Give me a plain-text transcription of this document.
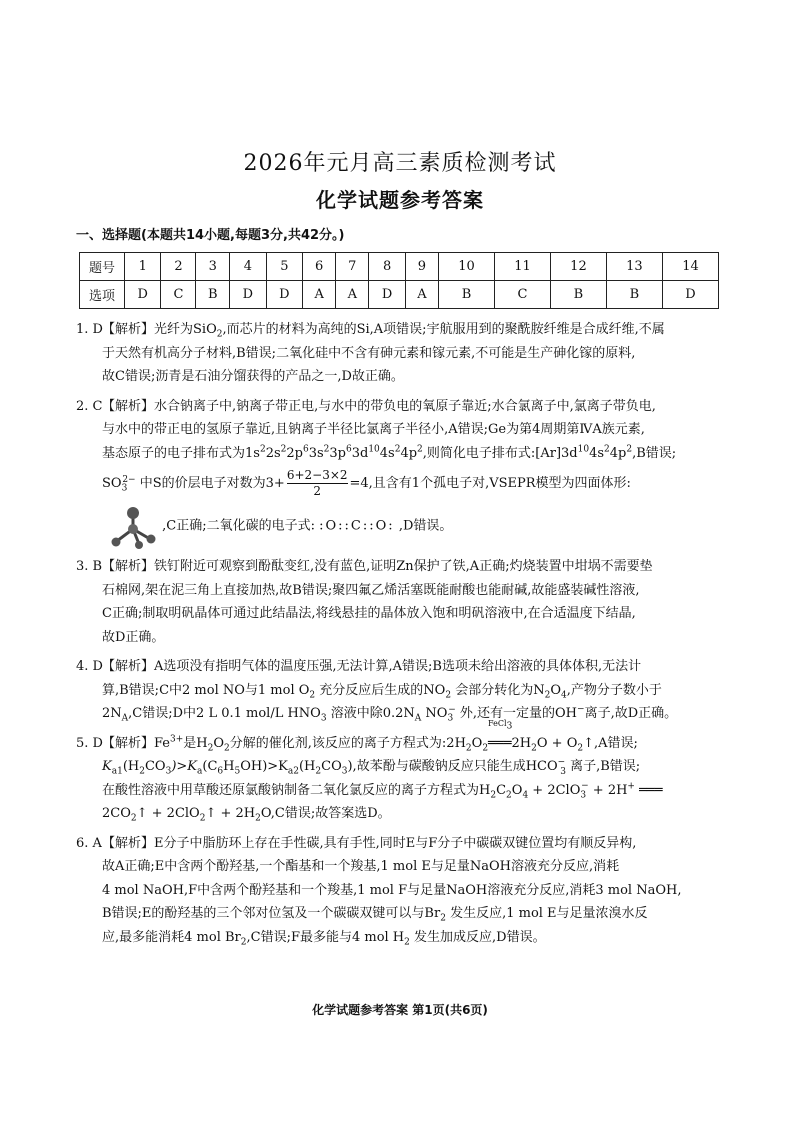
2026年元月高三素质检测考试
化学试题参考答案
一、选择题(本题共14小题,每题3分,共42分。)
题号	1	2	3	4	5	6	7	8	9	10	11	12	13	14
选项	D	C	B	D	D	A	A	D	A	B	C	B	B	D
1. D 【解析】光纤为SiO$_2$,而芯片的材料为高纯的Si,A项错误;宇航服用到的聚酰胺纤维是合成纤维,不属
于天然有机高分子材料,B错误;二氧化硅中不含有砷元素和镓元素,不可能是生产砷化镓的原料,
故C错误;沥青是石油分馏获得的产品之一,D故正确。
2. C 【解析】水合钠离子中,钠离子带正电,与水中的带负电的氧原子靠近;水合氯离子中,氯离子带负电,
与水中的带正电的氢原子靠近,且钠离子半径比氯离子半径小,A错误;Ge为第4周期第ⅣA族元素,
基态原子的电子排布式为$1s^22s^22p^63s^23p^63d^{10}4s^24p^2$,则简化电子排布式$:[Ar]3d^{10}4s^24p^2,B$错误;
$SO_3^{2-}$ 中S的价层电子对数为$3+ \frac{6+2-3\times 2}{2} =4$,且含有1个孤电子对,VSEPR模型为四面体形:
,C正确;二氧化碳的电子式: :O::C::O: ,D错误。
3. B 【解析】铁钉附近可观察到酚酞变红,没有蓝色,证明Zn保护了铁,A正确;灼烧装置中坩埚不需要垫
石棉网,架在泥三角上直接加热,故B错误;聚四氟乙烯活塞既能耐酸也能耐碱,故能盛装碱性溶液,
C正确;制取明矾晶体可通过此结晶法,将线悬挂的晶体放入饱和明矾溶液中,在合适温度下结晶,
故D正确。
4. D 【解析】A选项没有指明气体的温度压强,无法计算,A错误;B选项未给出溶液的具体体积,无法计
算,B错误;C中2 mol NO与1 mol $O_2$ 充分反应后生成的$NO_2$ 会部分转化为$N_2O_4$,产物分子数小于
$2N_A,C$错误;D中2 L 0.1 mol/L $HNO_3$ 溶液中除$0.2N_A$ $NO_3^-$ 外,还有一定量的OH−离子,故D正确。
5. D 【解析】$Fe^{3+}$是$H_2O_2$分解的催化剂,该反应的离子方程式为$:2H_2O_2$
FeCl$_3$
$═══2H_2O$ + $O_2↑,A$错误;
$K_{a1}(H_2CO_3)>K_a(C_6H_5OH)>K_{a2}(H_2CO_3)$,故苯酚与碳酸钠反应只能生成$HCO^-_3$ 离子,B错误;
在酸性溶液中用草酸还原氯酸钠制备二氧化氯反应的离子方程式为$H_2C_2O_4 + 2ClO_3^- + 2H^+$ ═══
$2CO_2↑$ + 2ClO$_2$↑ + $2H_2O,C$错误;故答案选D。
6. A 【解析】E分子中脂肪环上存在手性碳,具有手性,同时E与F分子中碳碳双键位置均有顺反异构,
故A正确;E中含两个酚羟基,一个酯基和一个羧基,1 mol E与足量NaOH溶液充分反应,消耗
4 mol NaOH,F中含两个酚羟基和一个羧基,1 mol F与足量NaOH溶液充分反应,消耗3 mol NaOH,
B错误;E的酚羟基的三个邻对位氢及一个碳碳双键可以与$Br_2$ 发生反应,1 mol E与足量浓溴水反
应,最多能消耗4 mol $Br_2,C$错误;F最多能与4 mol $H_2$ 发生加成反应,D错误。
化学试题参考答案 第1页(共6页)
